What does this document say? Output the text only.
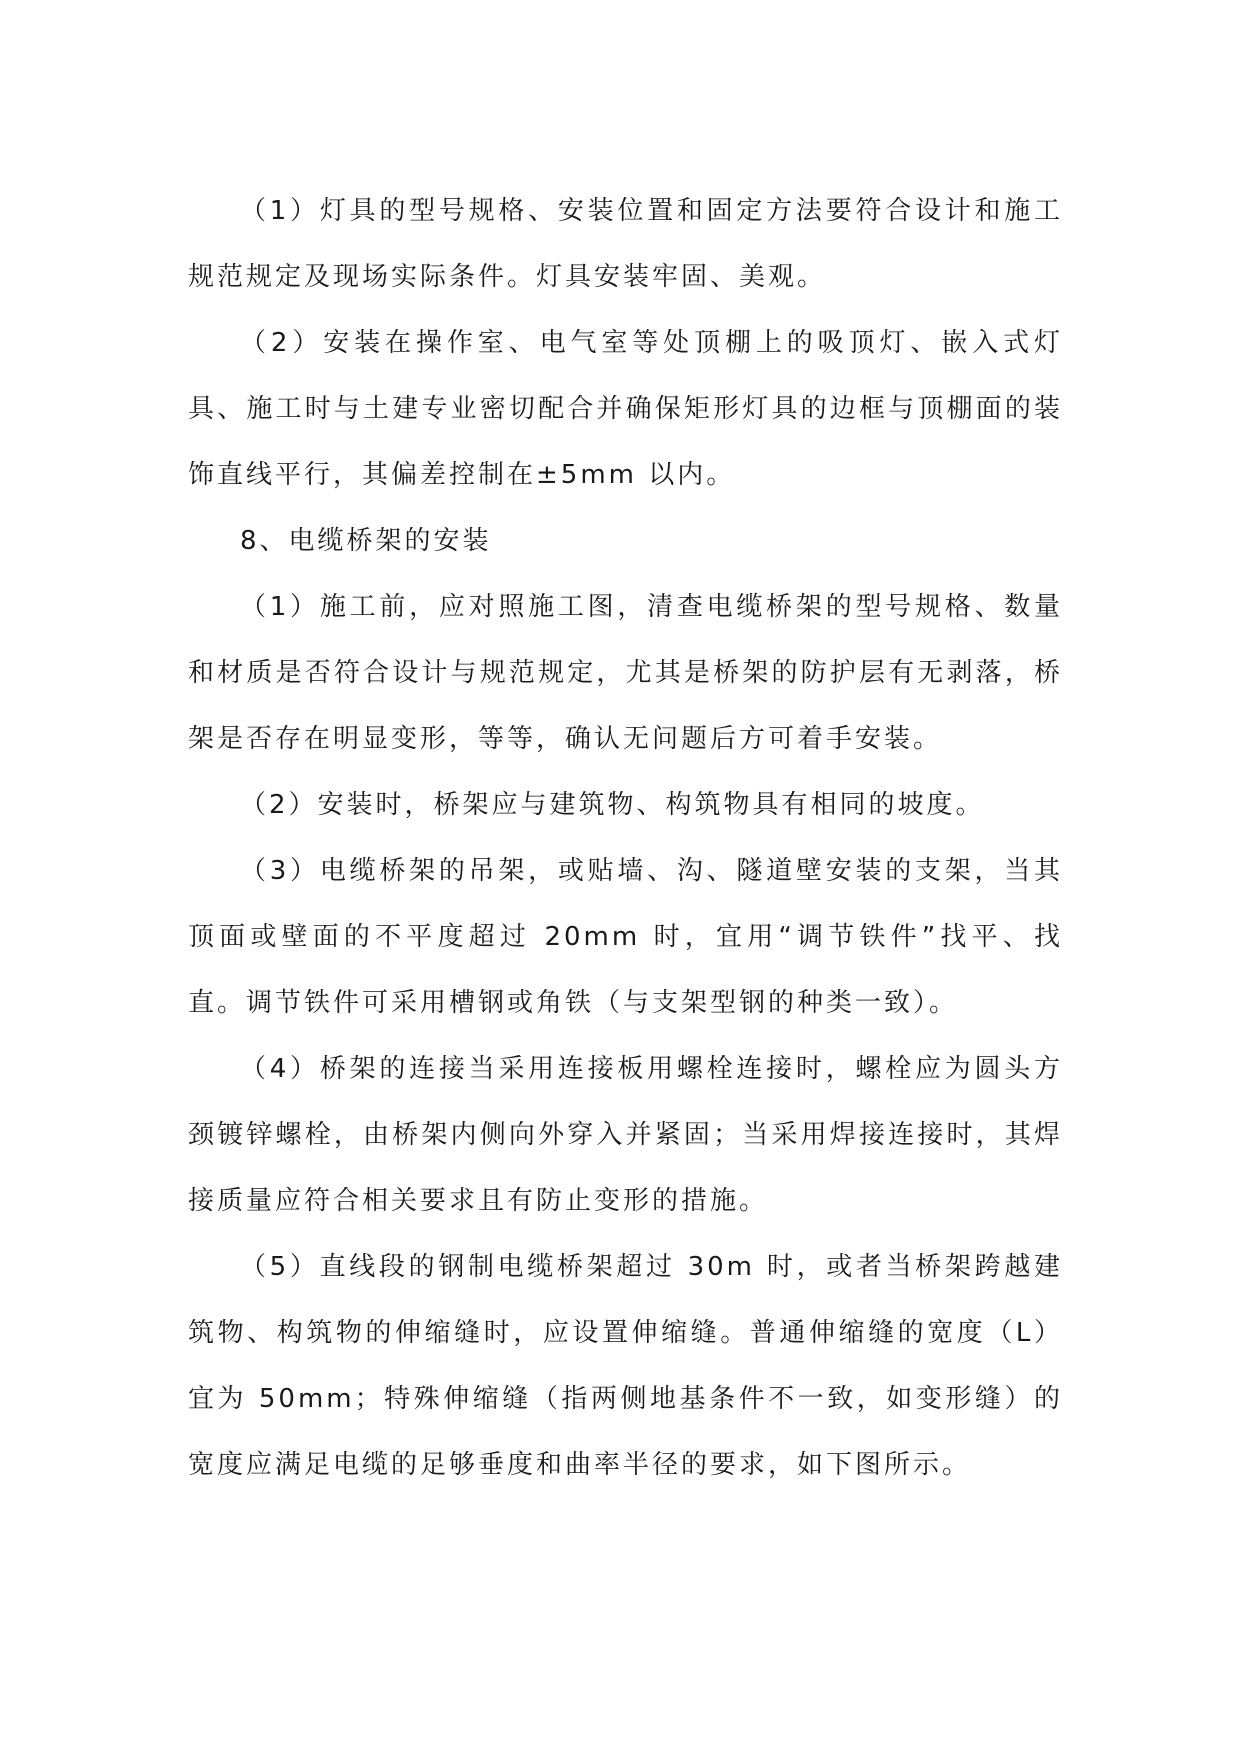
（1）灯具的型号规格、安装位置和固定方法要符合设计和施工规范规定及现场实际条件。灯具安装牢固、美观。

（2）安装在操作室、电气室等处顶棚上的吸顶灯、嵌入式灯具、施工时与土建专业密切配合并确保矩形灯具的边框与顶棚面的装饰直线平行，其偏差控制在±5mm 以内。

8、电缆桥架的安装

（1）施工前，应对照施工图，清查电缆桥架的型号规格、数量和材质是否符合设计与规范规定，尤其是桥架的防护层有无剥落，桥架是否存在明显变形，等等，确认无问题后方可着手安装。

（2）安装时，桥架应与建筑物、构筑物具有相同的坡度。

（3）电缆桥架的吊架，或贴墙、沟、隧道壁安装的支架，当其顶面或壁面的不平度超过 20mm 时，宜用“调节铁件”找平、找直。调节铁件可采用槽钢或角铁（与支架型钢的种类一致）。

（4）桥架的连接当采用连接板用螺栓连接时，螺栓应为圆头方颈镀锌螺栓，由桥架内侧向外穿入并紧固；当采用焊接连接时，其焊接质量应符合相关要求且有防止变形的措施。

（5）直线段的钢制电缆桥架超过 30m 时，或者当桥架跨越建筑物、构筑物的伸缩缝时，应设置伸缩缝。普通伸缩缝的宽度（L）宜为 50mm；特殊伸缩缝（指两侧地基条件不一致，如变形缝）的宽度应满足电缆的足够垂度和曲率半径的要求，如下图所示。
